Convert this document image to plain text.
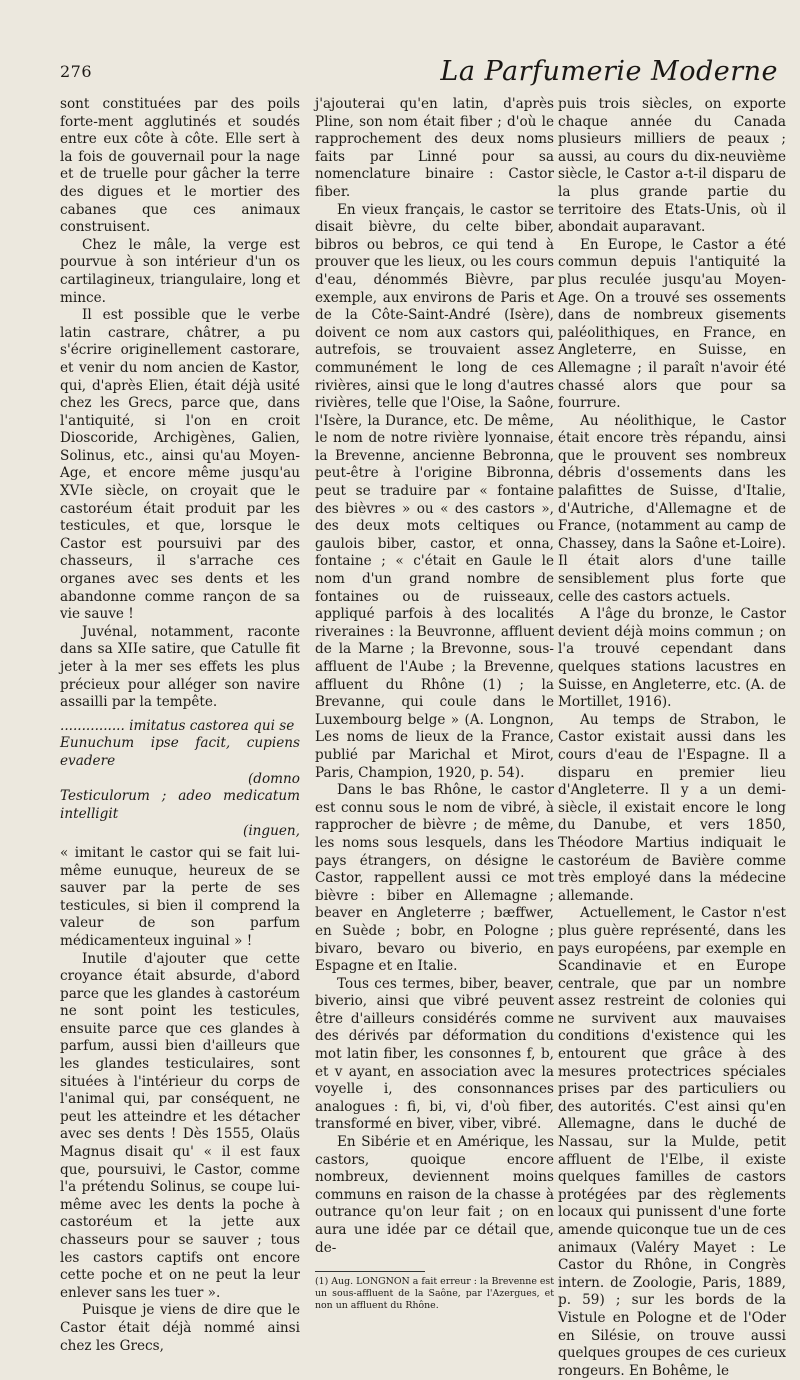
276	La Parfumerie Moderne

sont constituées par des poils forte-ment agglutinés et soudés entre eux côte à côte. Elle sert à la fois de gouvernail pour la nage et de truelle pour gâcher la terre des digues et le mortier des cabanes que ces animaux construisent.

Chez le mâle, la verge est pourvue à son intérieur d'un os cartilagineux, triangulaire, long et mince.

Il est possible que le verbe latin castrare, châtrer, a pu s'écrire originellement castorare, et venir du nom ancien de Kastor, qui, d'après Elien, était déjà usité chez les Grecs, parce que, dans l'antiquité, si l'on en croit Dioscoride, Archigènes, Galien, Solinus, etc., ainsi qu'au Moyen-Age, et encore même jusqu'au XVIe siècle, on croyait que le castoréum était produit par les testicules, et que, lorsque le Castor est poursuivi par des chasseurs, il s'arrache ces organes avec ses dents et les abandonne comme rançon de sa vie sauve !

Juvénal, notamment, raconte dans sa XIIe satire, que Catulle fit jeter à la mer ses effets les plus précieux pour alléger son navire assailli par la tempête.

............... imitatus castorea qui se
Eunuchum ipse facit, cupiens evadere
(domno
Testiculorum ; adeo medicatum intelligit
(inguen,

« imitant le castor qui se fait lui-même eunuque, heureux de se sauver par la perte de ses testicules, si bien il comprend la valeur de son parfum médicamenteux inguinal » !

Inutile d'ajouter que cette croyance était absurde, d'abord parce que les glandes à castoréum ne sont point les testicules, ensuite parce que ces glandes à parfum, aussi bien d'ailleurs que les glandes testiculaires, sont situées à l'intérieur du corps de l'animal qui, par conséquent, ne peut les atteindre et les détacher avec ses dents ! Dès 1555, Olaüs Magnus disait qu' « il est faux que, poursuivi, le Castor, comme l'a prétendu Solinus, se coupe lui-même avec les dents la poche à castoréum et la jette aux chasseurs pour se sauver ; tous les castors captifs ont encore cette poche et on ne peut la leur enlever sans les tuer ».

Puisque je viens de dire que le Castor était déjà nommé ainsi chez les Grecs,

j'ajouterai qu'en latin, d'après Pline, son nom était fiber ; d'où le rapprochement des deux noms faits par Linné pour sa nomenclature binaire : Castor fiber.

En vieux français, le castor se disait bièvre, du celte biber, bibros ou bebros, ce qui tend à prouver que les lieux, ou les cours d'eau, dénommés Bièvre, par exemple, aux environs de Paris et de la Côte-Saint-André (Isère), doivent ce nom aux castors qui, autrefois, se trouvaient assez communément le long de ces rivières, ainsi que le long d'autres rivières, telle que l'Oise, la Saône, l'Isère, la Durance, etc. De même, le nom de notre rivière lyonnaise, la Brevenne, ancienne Bebronna, peut-être à l'origine Bibronna, peut se traduire par « fontaine des bièvres » ou « des castors », des deux mots celtiques ou gaulois biber, castor, et onna, fontaine ; « c'était en Gaule le nom d'un grand nombre de fontaines ou de ruisseaux, appliqué parfois à des localités riveraines : la Beuvronne, affluent de la Marne ; la Brevonne, sous-affluent de l'Aube ; la Brevenne, affluent du Rhône (1) ; la Brevanne, qui coule dans le Luxembourg belge » (A. Longnon, Les noms de lieux de la France, publié par Marichal et Mirot, Paris, Champion, 1920, p. 54).

Dans le bas Rhône, le castor est connu sous le nom de vibré, à rapprocher de bièvre ; de même, les noms sous lesquels, dans les pays étrangers, on désigne le Castor, rappellent aussi ce mot bièvre : biber en Allemagne ; beaver en Angleterre ; bæffwer, en Suède ; bobr, en Pologne ; bivaro, bevaro ou biverio, en Espagne et en Italie.

Tous ces termes, biber, beaver, biverio, ainsi que vibré peuvent être d'ailleurs considérés comme des dérivés par déformation du mot latin fiber, les consonnes f, b, et v ayant, en association avec la voyelle i, des consonnances analogues : fi, bi, vi, d'où fiber, transformé en biver, viber, vibré.

En Sibérie et en Amérique, les castors, quoique encore nombreux, deviennent moins communs en raison de la chasse à outrance qu'on leur fait ; on en aura une idée par ce détail que, de-

(1) Aug. LONGNON a fait erreur : la Brevenne est un sous-affluent de la Saône, par l'Azergues, et non un affluent du Rhône.

puis trois siècles, on exporte chaque année du Canada plusieurs milliers de peaux ; aussi, au cours du dix-neuvième siècle, le Castor a-t-il disparu de la plus grande partie du territoire des Etats-Unis, où il abondait auparavant.

En Europe, le Castor a été commun depuis l'antiquité la plus reculée jusqu'au Moyen-Age. On a trouvé ses ossements dans de nombreux gisements paléolithiques, en France, en Angleterre, en Suisse, en Allemagne ; il paraît n'avoir été chassé alors que pour sa fourrure.

Au néolithique, le Castor était encore très répandu, ainsi que le prouvent ses nombreux débris d'ossements dans les palafittes de Suisse, d'Italie, d'Autriche, d'Allemagne et de France, (notamment au camp de Chassey, dans la Saône et-Loire). Il était alors d'une taille sensiblement plus forte que celle des castors actuels.

A l'âge du bronze, le Castor devient déjà moins commun ; on l'a trouvé cependant dans quelques stations lacustres en Suisse, en Angleterre, etc. (A. de Mortillet, 1916).

Au temps de Strabon, le Castor existait aussi dans les cours d'eau de l'Espagne. Il a disparu en premier lieu d'Angleterre. Il y a un demi-siècle, il existait encore le long du Danube, et vers 1850, Théodore Martius indiquait le castoréum de Bavière comme très employé dans la médecine allemande.

Actuellement, le Castor n'est plus guère représenté, dans les pays européens, par exemple en Scandinavie et en Europe centrale, que par un nombre assez restreint de colonies qui ne survivent aux mauvaises conditions d'existence qui les entourent que grâce à des mesures protectrices spéciales prises par des particuliers ou des autorités. C'est ainsi qu'en Allemagne, dans le duché de Nassau, sur la Mulde, petit affluent de l'Elbe, il existe quelques familles de castors protégées par des règlements locaux qui punissent d'une forte amende quiconque tue un de ces animaux (Valéry Mayet : Le Castor du Rhône, in Congrès intern. de Zoologie, Paris, 1889, p. 59) ; sur les bords de la Vistule en Pologne et de l'Oder en Silésie, on trouve aussi quelques groupes de ces curieux rongeurs. En Bohême, le
